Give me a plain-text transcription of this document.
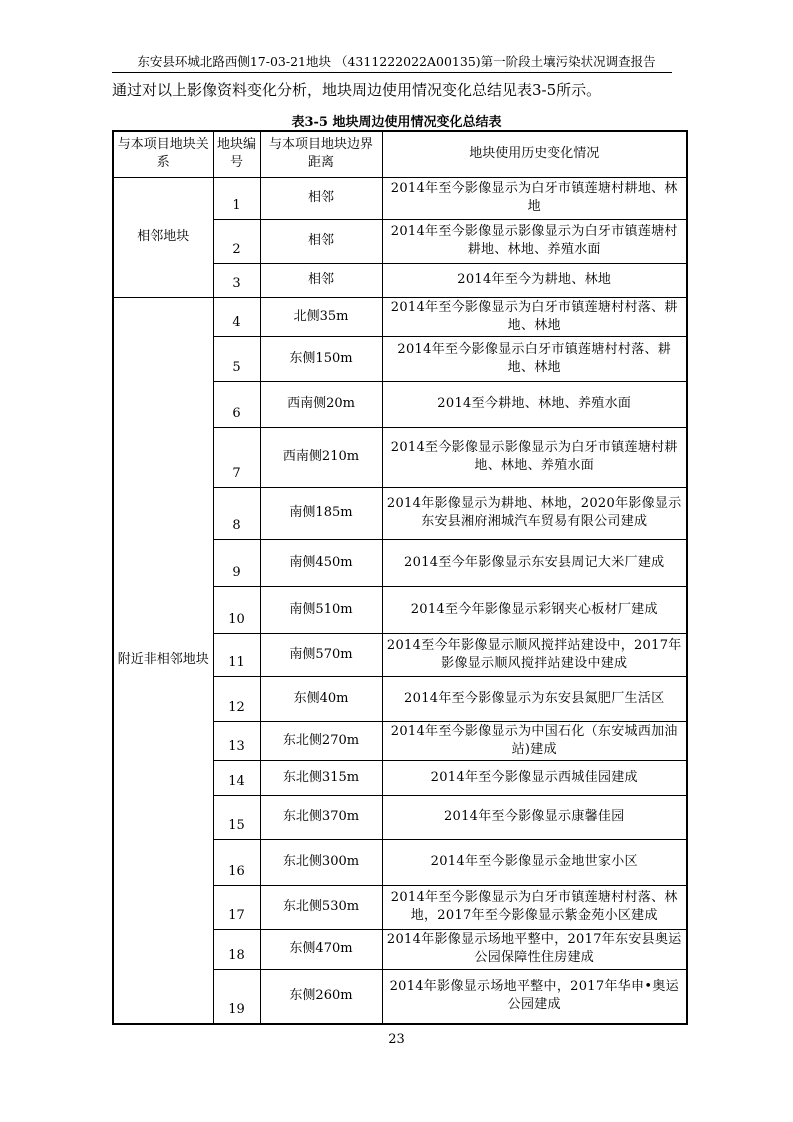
东安县环城北路西侧17-03-21地块 （4311222022A00135)第一阶段土壤污染状况调查报告
通过对以上影像资料变化分析，地块周边使用情况变化总结见表3-5所示。
表3-5 地块周边使用情况变化总结表
与本项目地块关系	地块编号	与本项目地块边界距离	地块使用历史变化情况
相邻地块	1	相邻	2014年至今影像显示为白牙市镇莲塘村耕地、林地
	2	相邻	2014年至今影像显示影像显示为白牙市镇莲塘村耕地、林地、养殖水面
	3	相邻	2014年至今为耕地、林地
附近非相邻地块	4	北侧35m	2014年至今影像显示为白牙市镇莲塘村村落、耕地、林地
	5	东侧150m	2014年至今影像显示白牙市镇莲塘村村落、耕地、林地
	6	西南侧20m	2014至今耕地、林地、养殖水面
	7	西南侧210m	2014至今影像显示影像显示为白牙市镇莲塘村耕地、林地、养殖水面
	8	南侧185m	2014年影像显示为耕地、林地，2020年影像显示东安县湘府湘城汽车贸易有限公司建成
	9	南侧450m	2014至今年影像显示东安县周记大米厂建成
	10	南侧510m	2014至今年影像显示彩钢夹心板材厂建成
	11	南侧570m	2014至今年影像显示顺风搅拌站建设中，2017年影像显示顺风搅拌站建设中建成
	12	东侧40m	2014年至今影像显示为东安县氮肥厂生活区
	13	东北侧270m	2014年至今影像显示为中国石化（东安城西加油站)建成
	14	东北侧315m	2014年至今影像显示西城佳园建成
	15	东北侧370m	2014年至今影像显示康馨佳园
	16	东北侧300m	2014年至今影像显示金地世家小区
	17	东北侧530m	2014年至今影像显示为白牙市镇莲塘村村落、林地，2017年至今影像显示紫金苑小区建成
	18	东侧470m	2014年影像显示场地平整中，2017年东安县奥运公园保障性住房建成
	19	东侧260m	2014年影像显示场地平整中，2017年华申•奥运公园建成
23
